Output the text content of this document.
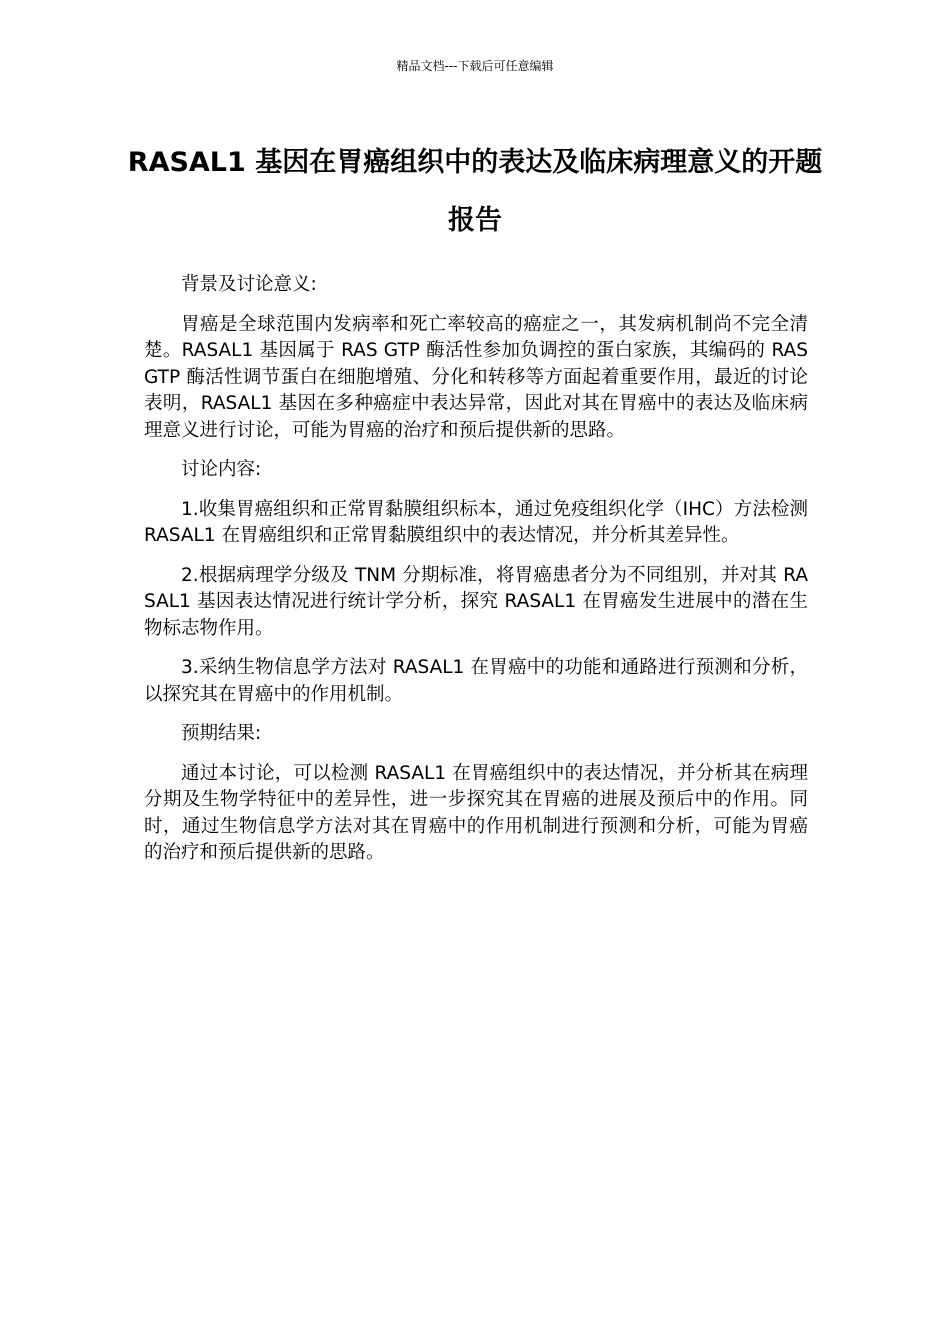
精品文档---下载后可任意编辑
RASAL1 基因在胃癌组织中的表达及临床病理意义的开题报告

背景及讨论意义:

胃癌是全球范围内发病率和死亡率较高的癌症之一，其发病机制尚不完全清楚。RASAL1 基因属于 RAS GTP 酶活性参加负调控的蛋白家族，其编码的 RAS GTP 酶活性调节蛋白在细胞增殖、分化和转移等方面起着重要作用，最近的讨论表明，RASAL1 基因在多种癌症中表达异常，因此对其在胃癌中的表达及临床病理意义进行讨论，可能为胃癌的治疗和预后提供新的思路。

讨论内容:

1.收集胃癌组织和正常胃黏膜组织标本，通过免疫组织化学（IHC）方法检测 RASAL1 在胃癌组织和正常胃黏膜组织中的表达情况，并分析其差异性。

2.根据病理学分级及 TNM 分期标准，将胃癌患者分为不同组别，并对其 RASAL1 基因表达情况进行统计学分析，探究 RASAL1 在胃癌发生进展中的潜在生物标志物作用。

3.采纳生物信息学方法对 RASAL1 在胃癌中的功能和通路进行预测和分析，以探究其在胃癌中的作用机制。

预期结果:

通过本讨论，可以检测 RASAL1 在胃癌组织中的表达情况，并分析其在病理分期及生物学特征中的差异性，进一步探究其在胃癌的进展及预后中的作用。同时，通过生物信息学方法对其在胃癌中的作用机制进行预测和分析，可能为胃癌的治疗和预后提供新的思路。
